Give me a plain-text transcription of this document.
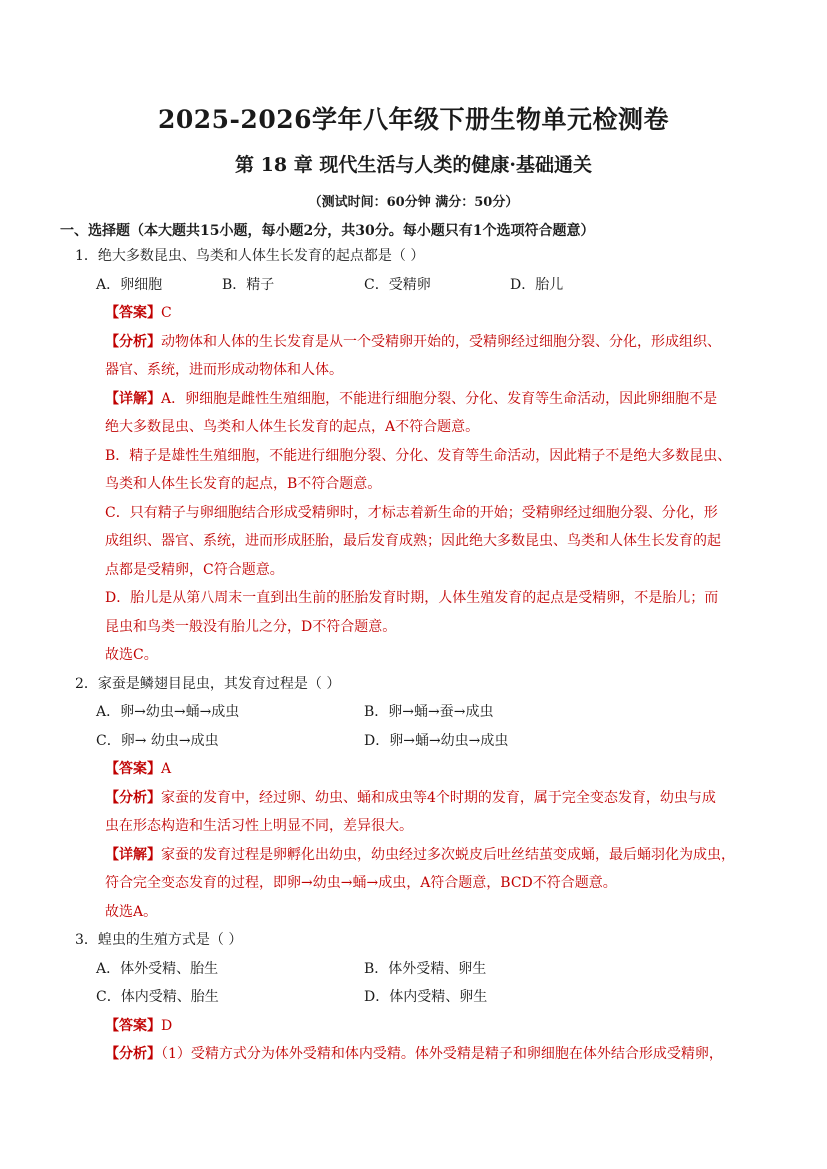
2025-2026学年八年级下册生物单元检测卷
第 18 章 现代生活与人类的健康·基础通关
（测试时间：60分钟 满分：50分）
一、选择题（本大题共15小题，每小题2分，共30分。每小题只有1个选项符合题意）
1．绝大多数昆虫、鸟类和人体生长发育的起点都是（ ）
A．卵细胞	B．精子	C．受精卵	D．胎儿
【答案】C
【分析】动物体和人体的生长发育是从一个受精卵开始的，受精卵经过细胞分裂、分化，形成组织、
器官、系统，进而形成动物体和人体。
【详解】A．卵细胞是雌性生殖细胞，不能进行细胞分裂、分化、发育等生命活动，因此卵细胞不是
绝大多数昆虫、鸟类和人体生长发育的起点，A不符合题意。
B．精子是雄性生殖细胞，不能进行细胞分裂、分化、发育等生命活动，因此精子不是绝大多数昆虫、
鸟类和人体生长发育的起点，B不符合题意。
C．只有精子与卵细胞结合形成受精卵时，才标志着新生命的开始；受精卵经过细胞分裂、分化，形
成组织、器官、系统，进而形成胚胎，最后发育成熟；因此绝大多数昆虫、鸟类和人体生长发育的起
点都是受精卵，C符合题意。
D．胎儿是从第八周末一直到出生前的胚胎发育时期，人体生殖发育的起点是受精卵，不是胎儿；而
昆虫和鸟类一般没有胎儿之分，D不符合题意。
故选C。
2．家蚕是鳞翅目昆虫，其发育过程是（ ）
A．卵→幼虫→蛹→成虫	B．卵→蛹→蚕→成虫
C．卵→ 幼虫→成虫	D．卵→蛹→幼虫→成虫
【答案】A
【分析】家蚕的发育中，经过卵、幼虫、蛹和成虫等4个时期的发育，属于完全变态发育，幼虫与成
虫在形态构造和生活习性上明显不同，差异很大。
【详解】家蚕的发育过程是卵孵化出幼虫，幼虫经过多次蜕皮后吐丝结茧变成蛹，最后蛹羽化为成虫，
符合完全变态发育的过程，即卵→幼虫→蛹→成虫，A符合题意，BCD不符合题意。
故选A。
3．蝗虫的生殖方式是（ ）
A．体外受精、胎生	B．体外受精、卵生
C．体内受精、胎生	D．体内受精、卵生
【答案】D
【分析】（1）受精方式分为体外受精和体内受精。体外受精是精子和卵细胞在体外结合形成受精卵，
